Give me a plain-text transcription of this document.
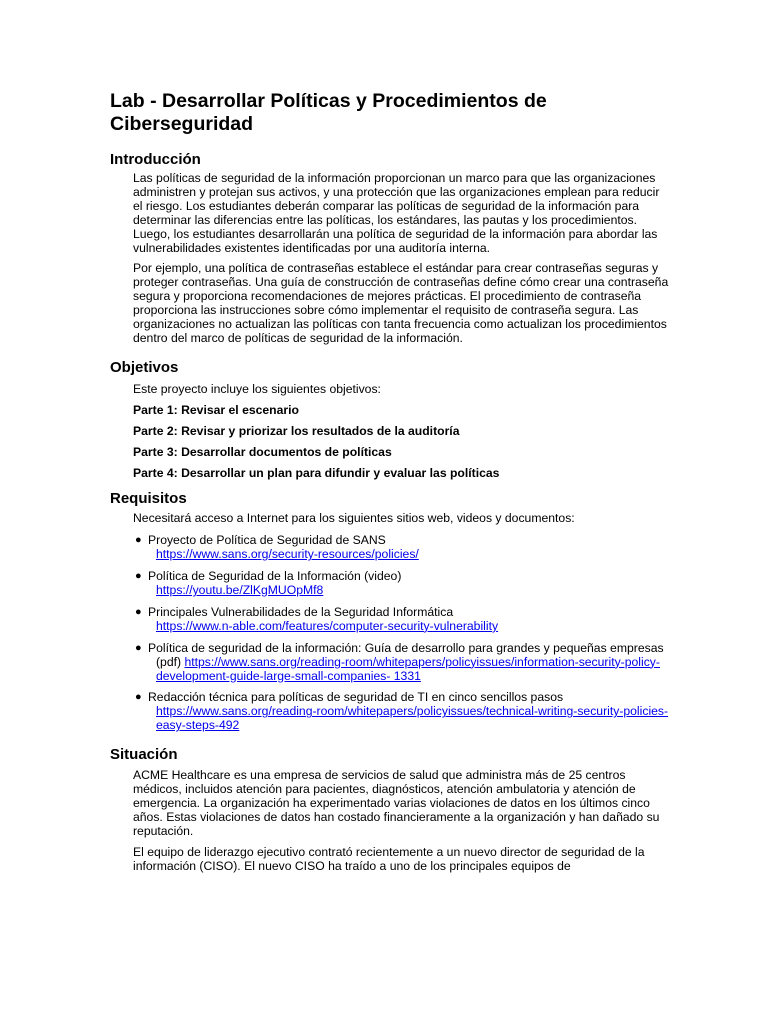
Lab - Desarrollar Políticas y Procedimientos de Ciberseguridad
Introducción

Las políticas de seguridad de la información proporcionan un marco para que las organizaciones administren y protejan sus activos, y una protección que las organizaciones emplean para reducir el riesgo. Los estudiantes deberán comparar las políticas de seguridad de la información para determinar las diferencias entre las políticas, los estándares, las pautas y los procedimientos. Luego, los estudiantes desarrollarán una política de seguridad de la información para abordar las vulnerabilidades existentes identificadas por una auditoría interna.

Por ejemplo, una política de contraseñas establece el estándar para crear contraseñas seguras y proteger contraseñas. Una guía de construcción de contraseñas define cómo crear una contraseña segura y proporciona recomendaciones de mejores prácticas. El procedimiento de contraseña proporciona las instrucciones sobre cómo implementar el requisito de contraseña segura. Las organizaciones no actualizan las políticas con tanta frecuencia como actualizan los procedimientos dentro del marco de políticas de seguridad de la información.

Objetivos

Este proyecto incluye los siguientes objetivos:

Parte 1: Revisar el escenario

Parte 2: Revisar y priorizar los resultados de la auditoría

Parte 3: Desarrollar documentos de políticas

Parte 4: Desarrollar un plan para difundir y evaluar las políticas

Requisitos

Necesitará acceso a Internet para los siguientes sitios web, videos y documentos:

● Proyecto de Política de Seguridad de SANS
https://www.sans.org/security-resources/policies/
● Política de Seguridad de la Información (video)
https://youtu.be/ZlKgMUOpMf8
● Principales Vulnerabilidades de la Seguridad Informática
https://www.n-able.com/features/computer-security-vulnerability
● Política de seguridad de la información: Guía de desarrollo para grandes y pequeñas empresas
(pdf) https://www.sans.org/reading-room/whitepapers/policyissues/information-security-policy-development-guide-large-small-companies- 1331
● Redacción técnica para políticas de seguridad de TI en cinco sencillos pasos
https://www.sans.org/reading-room/whitepapers/policyissues/technical-writing-security-policies-easy-steps-492
Situación

ACME Healthcare es una empresa de servicios de salud que administra más de 25 centros médicos, incluidos atención para pacientes, diagnósticos, atención ambulatoria y atención de emergencia. La organización ha experimentado varias violaciones de datos en los últimos cinco años. Estas violaciones de datos han costado financieramente a la organización y han dañado su reputación.

El equipo de liderazgo ejecutivo contrató recientemente a un nuevo director de seguridad de la información (CISO). El nuevo CISO ha traído a uno de los principales equipos de
